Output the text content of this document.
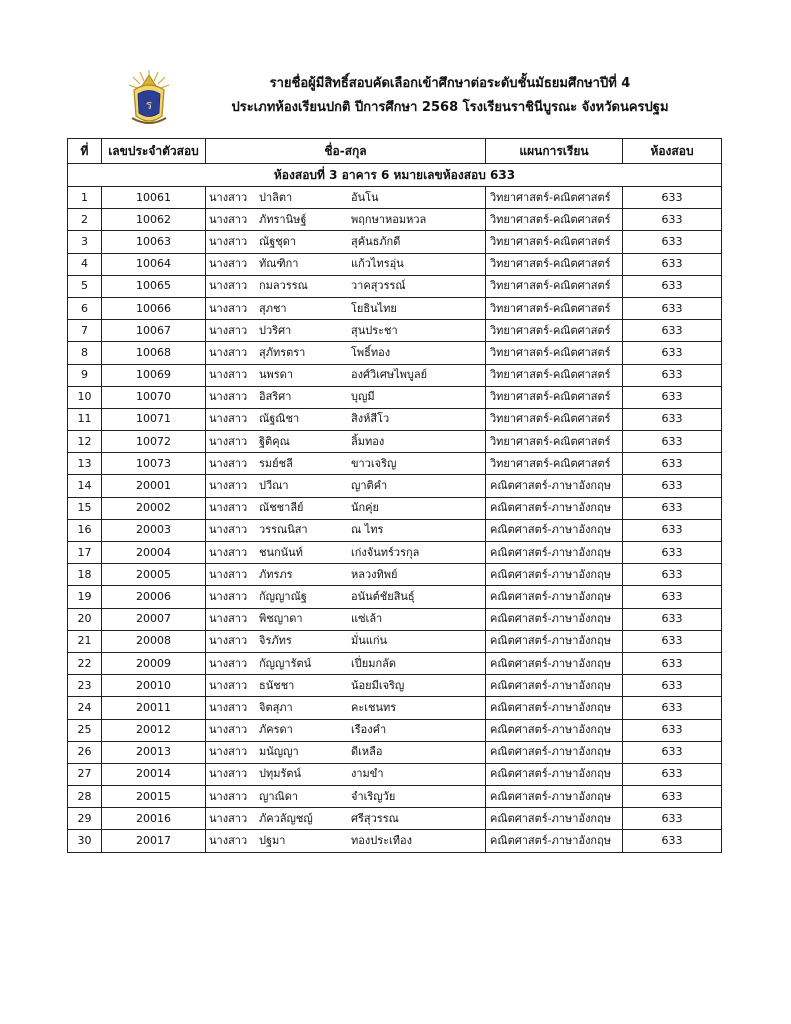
ร
รายชื่อผู้มีสิทธิ์สอบคัดเลือกเข้าศึกษาต่อระดับชั้นมัธยมศึกษาปีที่ 4
ประเภทห้องเรียนปกติ ปีการศึกษา 2568 โรงเรียนราชินีบูรณะ จังหวัดนครปฐม
ที่	เลขประจำตัวสอบ	ชื่อ-สกุล	แผนการเรียน	ห้องสอบ
ห้องสอบที่ 3 อาคาร 6 หมายเลขห้องสอบ 633				
1	10061	นางสาว ปาลิตา อันโน	วิทยาศาสตร์-คณิตศาสตร์	633
2	10062	นางสาว ภัทรานิษฐ์ พฤกษาหอมหวล	วิทยาศาสตร์-คณิตศาสตร์	633
3	10063	นางสาว ณัฐชุดา สุคันธภักดี	วิทยาศาสตร์-คณิตศาสตร์	633
4	10064	นางสาว ทัณฑิกา แก้วไทรอุ่น	วิทยาศาสตร์-คณิตศาสตร์	633
5	10065	นางสาว กมลวรรณ วาคสุวรรณ์	วิทยาศาสตร์-คณิตศาสตร์	633
6	10066	นางสาว สุภชา โยธินไทย	วิทยาศาสตร์-คณิตศาสตร์	633
7	10067	นางสาว ปวริศา สุนประชา	วิทยาศาสตร์-คณิตศาสตร์	633
8	10068	นางสาว สุภัทรตรา โพธิ์ทอง	วิทยาศาสตร์-คณิตศาสตร์	633
9	10069	นางสาว นพรดา องศ์วิเศษไพบูลย์	วิทยาศาสตร์-คณิตศาสตร์	633
10	10070	นางสาว อิสริศา บุญมี	วิทยาศาสตร์-คณิตศาสตร์	633
11	10071	นางสาว ณัฐณิชา สิงห์สีโว	วิทยาศาสตร์-คณิตศาสตร์	633
12	10072	นางสาว ฐิติคุณ ลิ้มทอง	วิทยาศาสตร์-คณิตศาสตร์	633
13	10073	นางสาว รมย์ชลี ขาวเจริญ	วิทยาศาสตร์-คณิตศาสตร์	633
14	20001	นางสาว ปวีณา ญาติคำ	คณิตศาสตร์-ภาษาอังกฤษ	633
15	20002	นางสาว ณัชชาลีย์ นักคุ่ย	คณิตศาสตร์-ภาษาอังกฤษ	633
16	20003	นางสาว วรรณนิสา ณ ไทร	คณิตศาสตร์-ภาษาอังกฤษ	633
17	20004	นางสาว ชนกนันท์ เก่งจันทร์วรกุล	คณิตศาสตร์-ภาษาอังกฤษ	633
18	20005	นางสาว ภัทรภร หลวงทิพย์	คณิตศาสตร์-ภาษาอังกฤษ	633
19	20006	นางสาว กัญญาณัฐ อนันต์ชัยสินธุ์	คณิตศาสตร์-ภาษาอังกฤษ	633
20	20007	นางสาว พิชญาดา แซ่เล้า	คณิตศาสตร์-ภาษาอังกฤษ	633
21	20008	นางสาว จิรภัทร มั่นแก่น	คณิตศาสตร์-ภาษาอังกฤษ	633
22	20009	นางสาว กัญญารัตน์ เปี่ยมกลัด	คณิตศาสตร์-ภาษาอังกฤษ	633
23	20010	นางสาว ธนัชชา น้อยมีเจริญ	คณิตศาสตร์-ภาษาอังกฤษ	633
24	20011	นางสาว จิตสุภา คะเชนทร	คณิตศาสตร์-ภาษาอังกฤษ	633
25	20012	นางสาว ภัครดา เรืองคำ	คณิตศาสตร์-ภาษาอังกฤษ	633
26	20013	นางสาว มนัญญา ดีเหลือ	คณิตศาสตร์-ภาษาอังกฤษ	633
27	20014	นางสาว ปทุมรัตน์ งามขำ	คณิตศาสตร์-ภาษาอังกฤษ	633
28	20015	นางสาว ญาณิดา จำเริญวัย	คณิตศาสตร์-ภาษาอังกฤษ	633
29	20016	นางสาว ภัควลัญชญ์ ศรีสุวรรณ	คณิตศาสตร์-ภาษาอังกฤษ	633
30	20017	นางสาว ปฐมา ทองประเทือง	คณิตศาสตร์-ภาษาอังกฤษ	633
